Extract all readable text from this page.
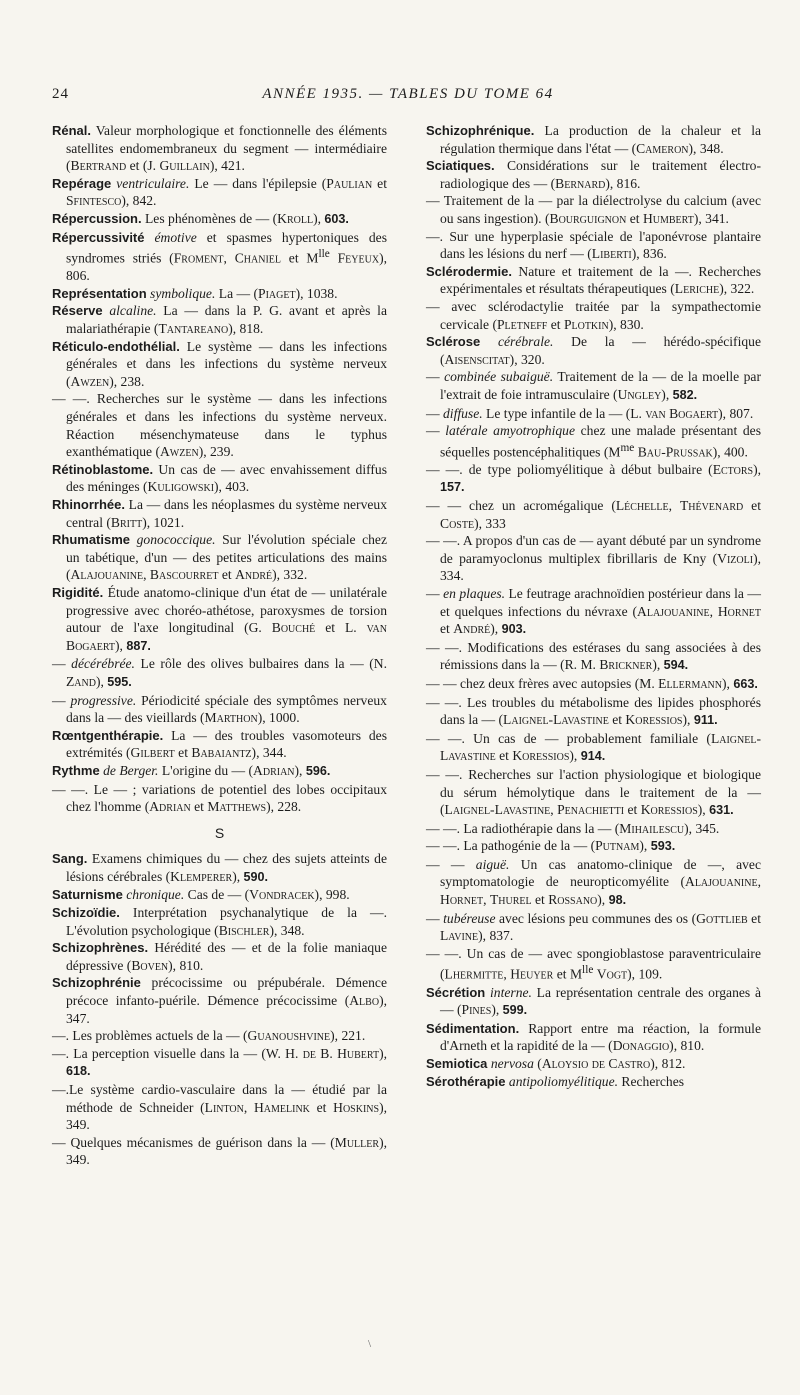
24	ANNÉE 1935. — TABLES DU TOME 64

Rénal. Valeur morphologique et fonctionnelle des éléments satellites endomembraneux du segment — intermédiaire (Bertrand et (J. Guillain), 421.

Repérage ventriculaire. Le — dans l'épilepsie (Paulian et Sfintesco), 842.

Répercussion. Les phénomènes de — (Kroll), 603.

Répercussivité émotive et spasmes hypertoniques des syndromes striés (Froment, Chaniel et $M^{lle}$ Feyeux), 806.

Représentation symbolique. La — (Piaget), 1038.

Réserve alcaline. La — dans la P. G. avant et après la malariathérapie (Tantareano), 818.

Réticulo-endothélial. Le système — dans les infections générales et dans les infections du système nerveux (Awzen), 238.

— —. Recherches sur le système — dans les infections générales et dans les infections du système nerveux. Réaction mésenchymateuse dans le typhus exanthématique (Awzen), 239.

Rétinoblastome. Un cas de — avec envahissement diffus des méninges (Kuligowski), 403.

Rhinorrhée. La — dans les néoplasmes du système nerveux central (Britt), 1021.

Rhumatisme gonococcique. Sur l'évolution spéciale chez un tabétique, d'un — des petites articulations des mains (Alajouanine, Bascourret et André), 332.

Rigidité. Étude anatomo-clinique d'un état de — unilatérale progressive avec choréo-athétose, paroxysmes de torsion autour de l'axe longitudinal (G. Bouché et L. van Bogaert), 887.

— décérébrée. Le rôle des olives bulbaires dans la — (N. Zand), 595.

— progressive. Périodicité spéciale des symptômes nerveux dans la — des vieillards (Marthon), 1000.

Rœntgenthérapie. La — des troubles vasomoteurs des extrémités (Gilbert et Babaiantz), 344.

Rythme de Berger. L'origine du — (Adrian), 596.

— —. Le — ; variations de potentiel des lobes occipitaux chez l'homme (Adrian et Matthews), 228.

S

Sang. Examens chimiques du — chez des sujets atteints de lésions cérébrales (Klemperer), 590.

Saturnisme chronique. Cas de — (Vondracek), 998.

Schizoïdie. Interprétation psychanalytique de la —. L'évolution psychologique (Bischler), 348.

Schizophrènes. Hérédité des — et de la folie maniaque dépressive (Boven), 810.

Schizophrénie précocissime ou prépubérale. Démence précoce infanto-puérile. Démence précocissime (Albo), 347.

—. Les problèmes actuels de la — (Guanoushvine), 221.

—. La perception visuelle dans la — (W. H. de B. Hubert), 618.

—.Le système cardio-vasculaire dans la — étudié par la méthode de Schneider (Linton, Hamelink et Hoskins), 349.

— Quelques mécanismes de guérison dans la — (Muller), 349.

Schizophrénique. La production de la chaleur et la régulation thermique dans l'état — (Cameron), 348.

Sciatiques. Considérations sur le traitement électro-radiologique des — (Bernard), 816.

— Traitement de la — par la diélectrolyse du calcium (avec ou sans ingestion). (Bourguignon et Humbert), 341.

—. Sur une hyperplasie spéciale de l'aponévrose plantaire dans les lésions du nerf — (Liberti), 836.

Sclérodermie. Nature et traitement de la —. Recherches expérimentales et résultats thérapeutiques (Leriche), 322.

— avec sclérodactylie traitée par la sympathectomie cervicale (Pletneff et Plotkin), 830.

Sclérose cérébrale. De la — hérédo-spécifique (Aisenscitat), 320.

— combinée subaiguë. Traitement de la — de la moelle par l'extrait de foie intramusculaire (Ungley), 582.

— diffuse. Le type infantile de la — (L. van Bogaert), 807.

— latérale amyotrophique chez une malade présentant des séquelles postencéphalitiques ($M^{me}$ Bau-Prussak), 400.

— —. de type poliomyélitique à début bulbaire (Ectors), 157.

— — chez un acromégalique (Léchelle, Thévenard et Coste), 333

— —. A propos d'un cas de — ayant débuté par un syndrome de paramyoclonus multiplex fibrillaris de Kny (Vizoli), 334.

— en plaques. Le feutrage arachnoïdien postérieur dans la — et quelques infections du névraxe (Alajouanine, Hornet et André), 903.

— —. Modifications des estérases du sang associées à des rémissions dans la — (R. M. Brickner), 594.

— — chez deux frères avec autopsies (M. Ellermann), 663.

— —. Les troubles du métabolisme des lipides phosphorés dans la — (Laignel-Lavastine et Koressios), 911.

— —. Un cas de — probablement familiale (Laignel-Lavastine et Koressios), 914.

— —. Recherches sur l'action physiologique et biologique du sérum hémolytique dans le traitement de la — (Laignel-Lavastine, Penachietti et Koressios), 631.

— —. La radiothérapie dans la — (Mihailescu), 345.

— —. La pathogénie de la — (Putnam), 593.

— — aiguë. Un cas anatomo-clinique de —, avec symptomatologie de neuropticomyélite (Alajouanine, Hornet, Thurel et Rossano), 98.

— tubéreuse avec lésions peu communes des os (Gottlieb et Lavine), 837.

— —. Un cas de — avec spongioblastose paraventriculaire (Lhermitte, Heuyer et $M^{lle}$ Vogt), 109.

Sécrétion interne. La représentation centrale des organes à — (Pines), 599.

Sédimentation. Rapport entre ma réaction, la formule d'Arneth et la rapidité de la — (Donaggio), 810.

Semiotica nervosa (Aloysio de Castro), 812.

Sérothérapie antipoliomyélitique. Recherches

\
